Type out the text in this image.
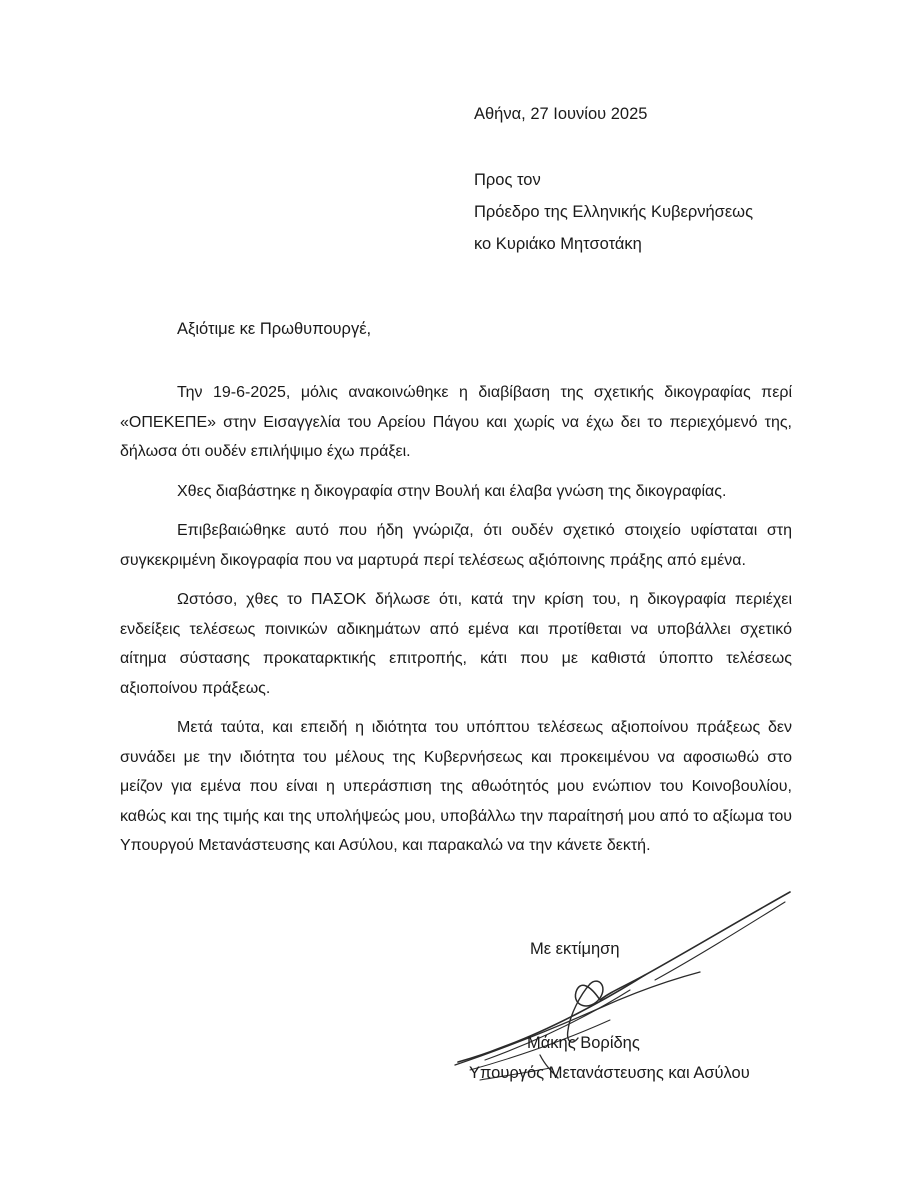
Αθήνα, 27 Ιουνίου 2025
Προς τον
Πρόεδρο της Ελληνικής Κυβερνήσεως
κο Κυριάκο Μητσοτάκη
Αξιότιμε κε Πρωθυπουργέ,

Την 19-6-2025, μόλις ανακοινώθηκε η διαβίβαση της σχετικής δικογραφίας περί «ΟΠΕΚΕΠΕ» στην Εισαγγελία του Αρείου Πάγου και χωρίς να έχω δει το περιεχόμενό της, δήλωσα ότι ουδέν επιλήψιμο έχω πράξει.

Χθες διαβάστηκε η δικογραφία στην Βουλή και έλαβα γνώση της δικογραφίας.

Επιβεβαιώθηκε αυτό που ήδη γνώριζα, ότι ουδέν σχετικό στοιχείο υφίσταται στη συγκεκριμένη δικογραφία που να μαρτυρά περί τελέσεως αξιόποινης πράξης από εμένα.

Ωστόσο, χθες το ΠΑΣΟΚ δήλωσε ότι, κατά την κρίση του, η δικογραφία περιέχει ενδείξεις τελέσεως ποινικών αδικημάτων από εμένα και προτίθεται να υποβάλλει σχετικό αίτημα σύστασης προκαταρκτικής επιτροπής, κάτι που με καθιστά ύποπτο τελέσεως αξιοποίνου πράξεως.

Μετά ταύτα, και επειδή η ιδιότητα του υπόπτου τελέσεως αξιοποίνου πράξεως δεν συνάδει με την ιδιότητα του μέλους της Κυβερνήσεως και προκειμένου να αφοσιωθώ στο μείζον για εμένα που είναι η υπεράσπιση της αθωότητός μου ενώπιον του Κοινοβουλίου, καθώς και της τιμής και της υπολήψεώς μου, υποβάλλω την παραίτησή μου από το αξίωμα του Υπουργού Μετανάστευσης και Ασύλου, και παρακαλώ να την κάνετε δεκτή.

Με εκτίμηση
Μάκης Βορίδης
Υπουργός Μετανάστευσης και Ασύλου
